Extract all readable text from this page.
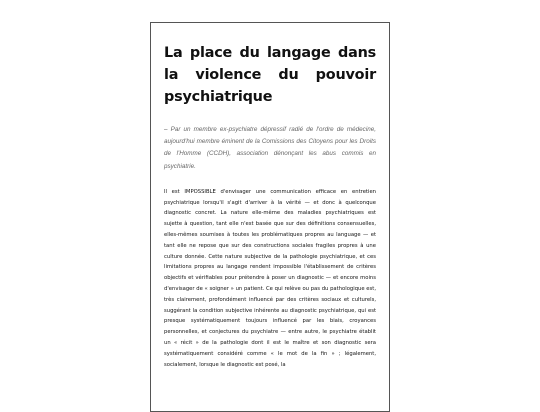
La place du langage dans la violence du pouvoir psychiatrique

– Par un membre ex-psychiatre dépressif radié de l'ordre de médecine, aujourd'hui membre éminent de la Comissions des Citoyens pour les Droits de l'Homme (CCDH), association dénonçant les abus commis en psychiatrie.

Il est IMPOSSIBLE d'envisager une communication efficace en entretien psychiatrique lorsqu'il s'agit d'arriver à la vérité — et donc à quelconque diagnostic concret. La nature elle-même des maladies psychiatriques est sujette à question, tant elle n'est basée que sur des définitions consensuelles, elles-mêmes soumises à toutes les problématiques propres au language — et tant elle ne repose que sur des constructions sociales fragiles propres à une culture donnée. Cette nature subjective de la pathologie psychiatrique, et ces limitations propres au langage rendent impossible l'établissement de critères objectifs et vérifiables pour prétendre à poser un diagnostic — et encore moins d'envisager de « soigner » un patient. Ce qui relève ou pas du pathologique est, très clairement, profondément influencé par des critères sociaux et culturels, suggérant la condition subjective inhérente au diagnostic psychiatrique, qui est presque systématiquement toujours influencé par les biais, croyances personnelles, et conjectures du psychiatre — entre autre, le psychiatre établit un « récit » de la pathologie dont il est le maître et son diagnostic sera systématiquement considéré comme « le mot de la fin » ; légalement, socialement, lorsque le diagnostic est posé, la
